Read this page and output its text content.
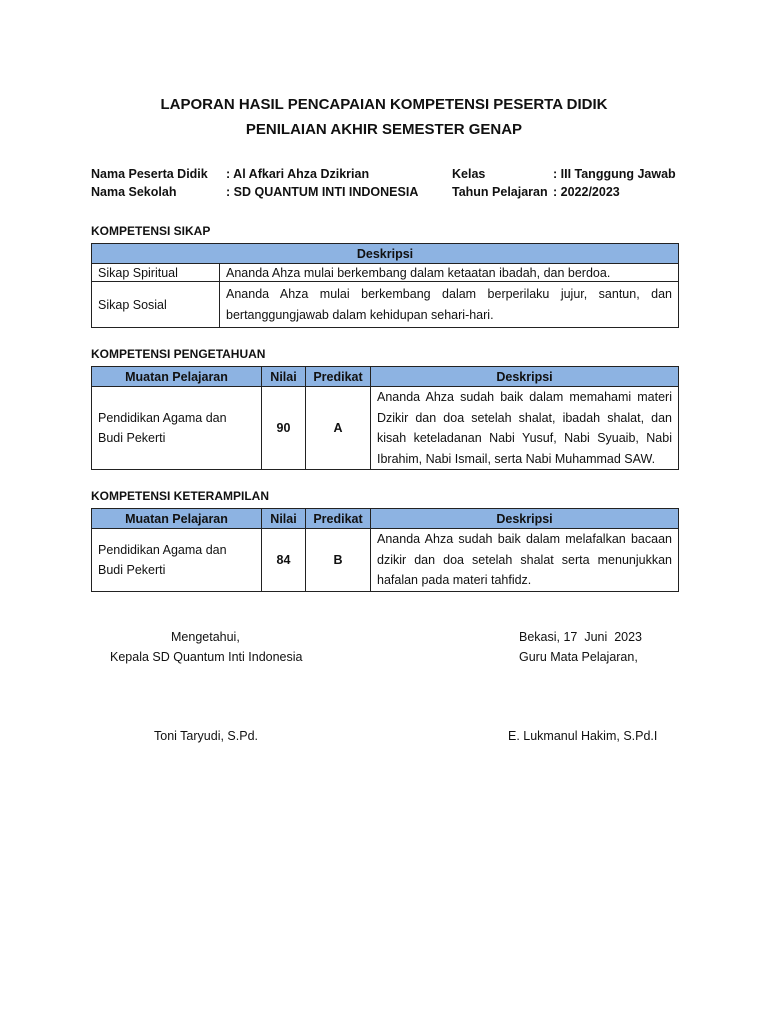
LAPORAN HASIL PENCAPAIAN KOMPETENSI PESERTA DIDIK
PENILAIAN AKHIR SEMESTER GENAP
Nama Peserta Didik : Al Afkari Ahza Dzikrian	Kelas	: III Tanggung Jawab
Nama Sekolah	: SD QUANTUM INTI INDONESIA	Tahun Pelajaran : 2022/2023
KOMPETENSI SIKAP
Deskripsi	
Sikap Spiritual	Ananda Ahza mulai berkembang dalam ketaatan ibadah, dan berdoa.
Sikap Sosial	Ananda Ahza mulai berkembang dalam berperilaku jujur, santun, dan bertanggungjawab dalam kehidupan sehari-hari.
KOMPETENSI PENGETAHUAN
Muatan Pelajaran	Nilai	Predikat	Deskripsi
Pendidikan Agama dan Budi Pekerti	90	A	Ananda Ahza sudah baik dalam memahami materi Dzikir dan doa setelah shalat, ibadah shalat, dan kisah keteladanan Nabi Yusuf, Nabi Syuaib, Nabi Ibrahim, Nabi Ismail, serta Nabi Muhammad SAW.
KOMPETENSI KETERAMPILAN
Muatan Pelajaran	Nilai	Predikat	Deskripsi
Pendidikan Agama dan Budi Pekerti	84	B	Ananda Ahza sudah baik dalam melafalkan bacaan dzikir dan doa setelah shalat serta menunjukkan hafalan pada materi tahfidz.
Mengetahui,
Kepala SD Quantum Inti Indonesia
Toni Taryudi, S.Pd.
Bekasi, 17  Juni  2023
Guru Mata Pelajaran,
E. Lukmanul Hakim, S.Pd.I
